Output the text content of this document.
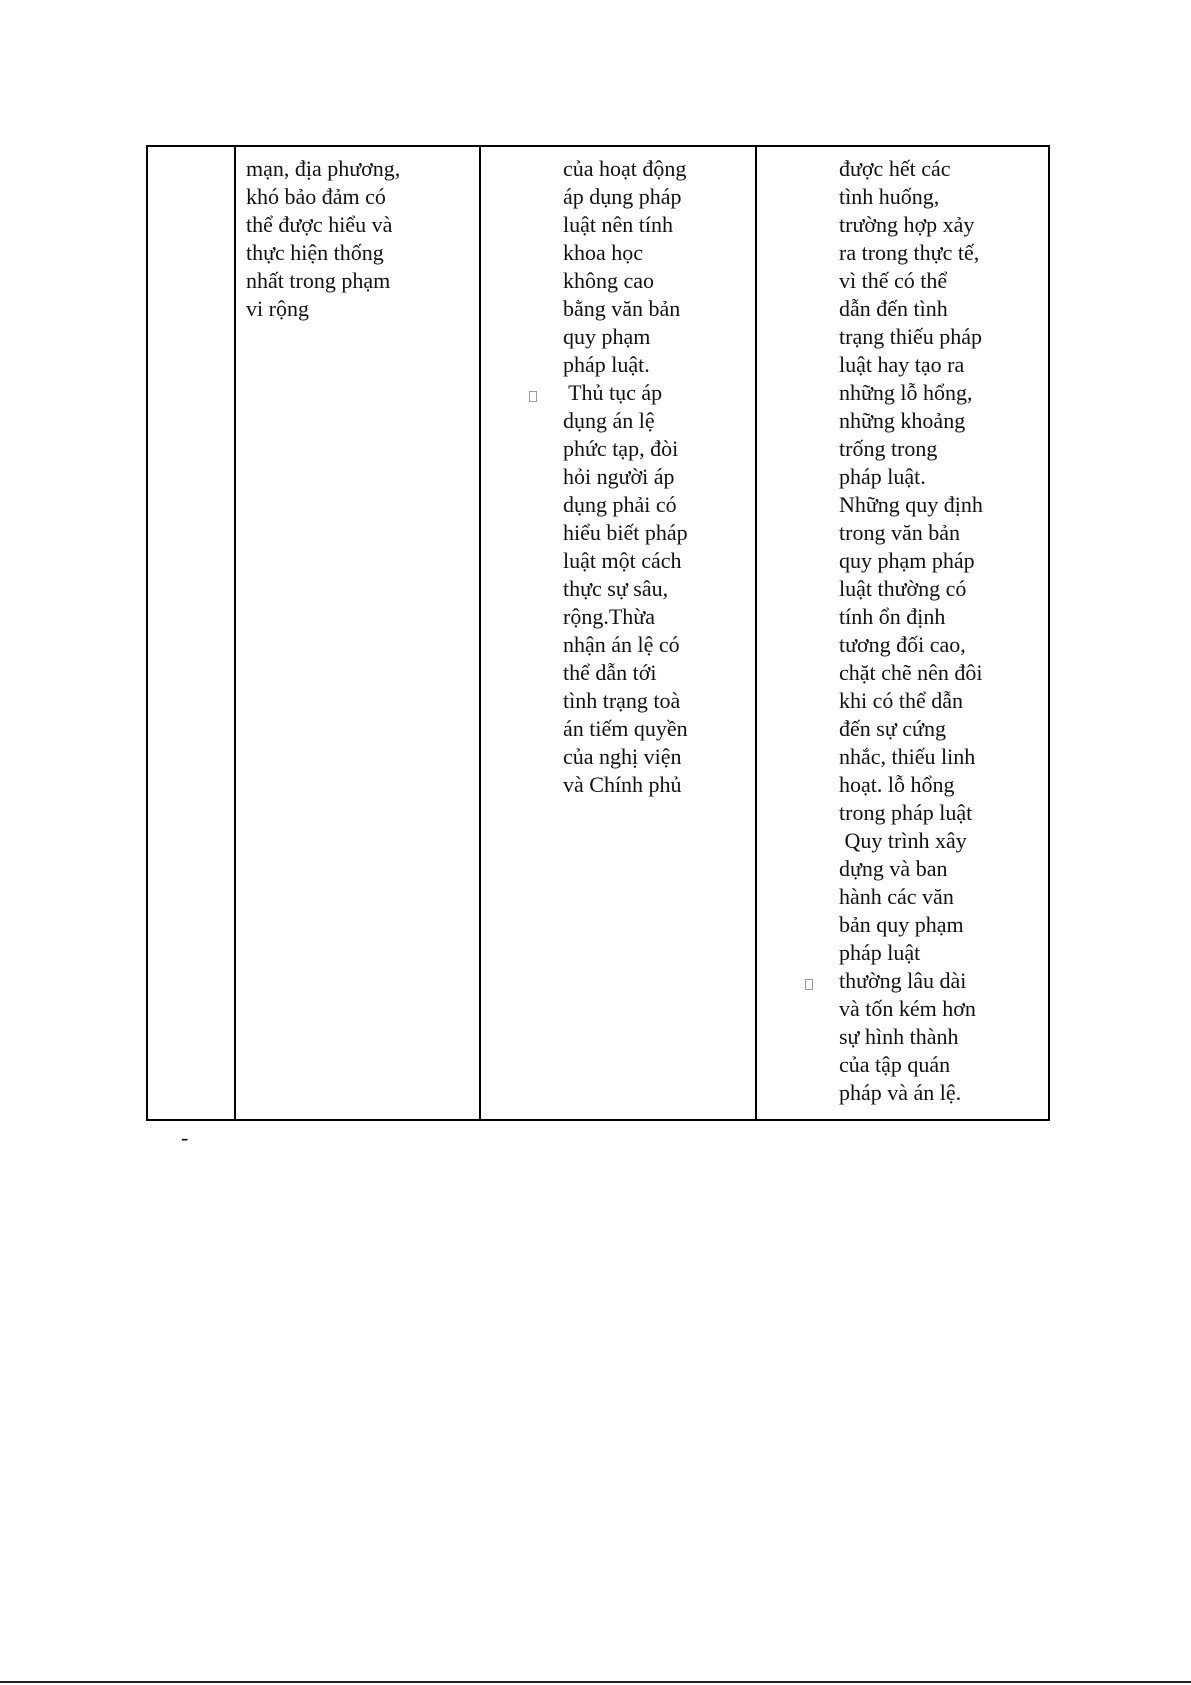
mạn, địa phương,
khó bảo đảm có
thể được hiểu và
thực hiện thống
nhất trong phạm
vi rộng
của hoạt động
áp dụng pháp
luật nên tính
khoa học
không cao
bằng văn bản
quy phạm
pháp luật.
Thủ tục áp
dụng án lệ
phức tạp, đòi
hỏi người áp
dụng phải có
hiểu biết pháp
luật một cách
thực sự sâu,
rộng.Thừa
nhận án lệ có
thể dẫn tới
tình trạng toà
án tiếm quyền
của nghị viện
và Chính phủ
được hết các
tình huống,
trường hợp xảy
ra trong thực tế,
vì thế có thể
dẫn đến tình
trạng thiếu pháp
luật hay tạo ra
những lỗ hổng,
những khoảng
trống trong
pháp luật.
Những quy định
trong văn bản
quy phạm pháp
luật thường có
tính ổn định
tương đối cao,
chặt chẽ nên đôi
khi có thể dẫn
đến sự cứng
nhắc, thiếu linh
hoạt. lỗ hổng
trong pháp luật
Quy trình xây
dựng và ban
hành các văn
bản quy phạm
pháp luật
thường lâu dài
và tốn kém hơn
sự hình thành
của tập quán
pháp và án lệ.
-
